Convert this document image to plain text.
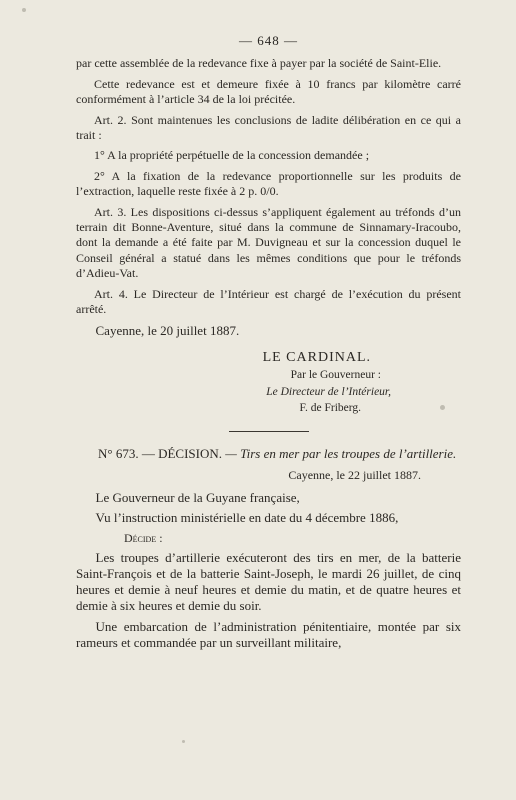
— 648 —

par cette assemblée de la redevance fixe à payer par la société de Saint-Elie.

Cette redevance est et demeure fixée à 10 francs par kilomètre carré conformément à l’article 34 de la loi précitée.

Art. 2. Sont maintenues les conclusions de ladite délibération en ce qui a trait :

1° A la propriété perpétuelle de la concession demandée ;

2° A la fixation de la redevance proportionnelle sur les produits de l’extraction, laquelle reste fixée à 2 p. 0/0.

Art. 3. Les dispositions ci-dessus s’appliquent également au tréfonds d’un terrain dit Bonne-Aventure, situé dans la commune de Sinnamary-Iracoubo, dont la demande a été faite par M. Duvigneau et sur la concession duquel le Conseil général a statué dans les mêmes conditions que pour le tréfonds d’Adieu-Vat.

Art. 4. Le Directeur de l’Intérieur est chargé de l’exécution du présent arrêté.

Cayenne, le 20 juillet 1887.

LE CARDINAL.
Par le Gouverneur :
Le Directeur de l’Intérieur,
F. de Friberg.

N° 673. — DÉCISION. — Tirs en mer par les troupes de l’artillerie.

Cayenne, le 22 juillet 1887.

Le Gouverneur de la Guyane française,

Vu l’instruction ministérielle en date du 4 décembre 1886,

Décide :

Les troupes d’artillerie exécuteront des tirs en mer, de la batterie Saint-François et de la batterie Saint-Joseph, le mardi 26 juillet, de cinq heures et demie à neuf heures et demie du matin, et de quatre heures et demie à six heures et demie du soir.

Une embarcation de l’administration pénitentiaire, montée par six rameurs et commandée par un surveillant militaire,
